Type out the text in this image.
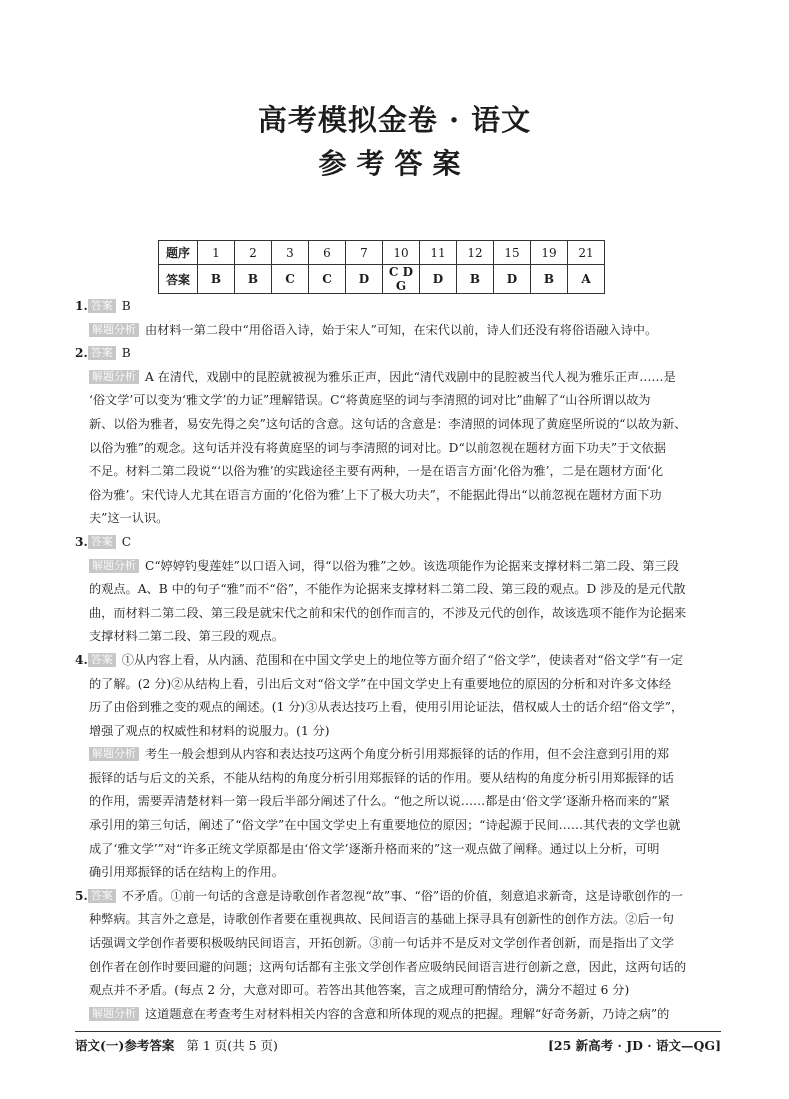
高考模拟金卷 · 语文
参考答案
题序	1	2	3	6	7	10	11	12	15	19	21
答案	B	B	C	C	D	C D G	D	B	D	B	A
1. 答案 B
解题分析 由材料一第二段中“用俗语入诗，始于宋人”可知，在宋代以前，诗人们还没有将俗语融入诗中。
2. 答案 B
解题分析 A 在清代，戏剧中的昆腔就被视为雅乐正声，因此“清代戏剧中的昆腔被当代人视为雅乐正声……是
‘俗文学’可以变为‘雅文学’的力证”理解错误。C“将黄庭坚的词与李清照的词对比”曲解了“山谷所谓以故为
新、以俗为雅者，易安先得之矣”这句话的含意。这句话的含意是：李清照的词体现了黄庭坚所说的“以故为新、
以俗为雅”的观念。这句话并没有将黄庭坚的词与李清照的词对比。D“以前忽视在题材方面下功夫”于文依据
不足。材料二第二段说“‘以俗为雅’的实践途径主要有两种，一是在语言方面‘化俗为雅’，二是在题材方面‘化
俗为雅’。宋代诗人尤其在语言方面的‘化俗为雅’上下了极大功夫”，不能据此得出“以前忽视在题材方面下功
夫”这一认识。
3. 答案 C
解题分析 C“婷婷钓叟莲娃”以口语入词，得“以俗为雅”之妙。该选项能作为论据来支撑材料二第二段、第三段
的观点。A、B 中的句子“雅”而不“俗”，不能作为论据来支撑材料二第二段、第三段的观点。D 涉及的是元代散
曲，而材料二第二段、第三段是就宋代之前和宋代的创作而言的，不涉及元代的创作，故该选项不能作为论据来
支撑材料二第二段、第三段的观点。
4. 答案 ①从内容上看，从内涵、范围和在中国文学史上的地位等方面介绍了“俗文学”，使读者对“俗文学”有一定
的了解。(2 分)②从结构上看，引出后文对“俗文学”在中国文学史上有重要地位的原因的分析和对许多文体经
历了由俗到雅之变的观点的阐述。(1 分)③从表达技巧上看，使用引用论证法，借权威人士的话介绍“俗文学”，
增强了观点的权威性和材料的说服力。(1 分)
解题分析 考生一般会想到从内容和表达技巧这两个角度分析引用郑振铎的话的作用，但不会注意到引用的郑
振铎的话与后文的关系，不能从结构的角度分析引用郑振铎的话的作用。要从结构的角度分析引用郑振铎的话
的作用，需要弄清楚材料一第一段后半部分阐述了什么。“他之所以说……都是由‘俗文学’逐渐升格而来的”紧
承引用的第三句话，阐述了“俗文学”在中国文学史上有重要地位的原因；“诗起源于民间……其代表的文学也就
成了‘雅文学’”对“许多正统文学原都是由‘俗文学’逐渐升格而来的”这一观点做了阐释。通过以上分析，可明
确引用郑振铎的话在结构上的作用。
5. 答案 不矛盾。①前一句话的含意是诗歌创作者忽视“故”事、“俗”语的价值，刻意追求新奇，这是诗歌创作的一
种弊病。其言外之意是，诗歌创作者要在重视典故、民间语言的基础上探寻具有创新性的创作方法。②后一句
话强调文学创作者要积极吸纳民间语言，开拓创新。③前一句话并不是反对文学创作者创新，而是指出了文学
创作者在创作时要回避的问题；这两句话都有主张文学创作者应吸纳民间语言进行创新之意，因此，这两句话的
观点并不矛盾。(每点 2 分，大意对即可。若答出其他答案，言之成理可酌情给分，满分不超过 6 分)
解题分析 这道题意在考查考生对材料相关内容的含意和所体现的观点的把握。理解“好奇务新，乃诗之病”的
语文(一)参考答案 第 1 页(共 5 页)	[25 新高考 · JD · 语文—QG]
